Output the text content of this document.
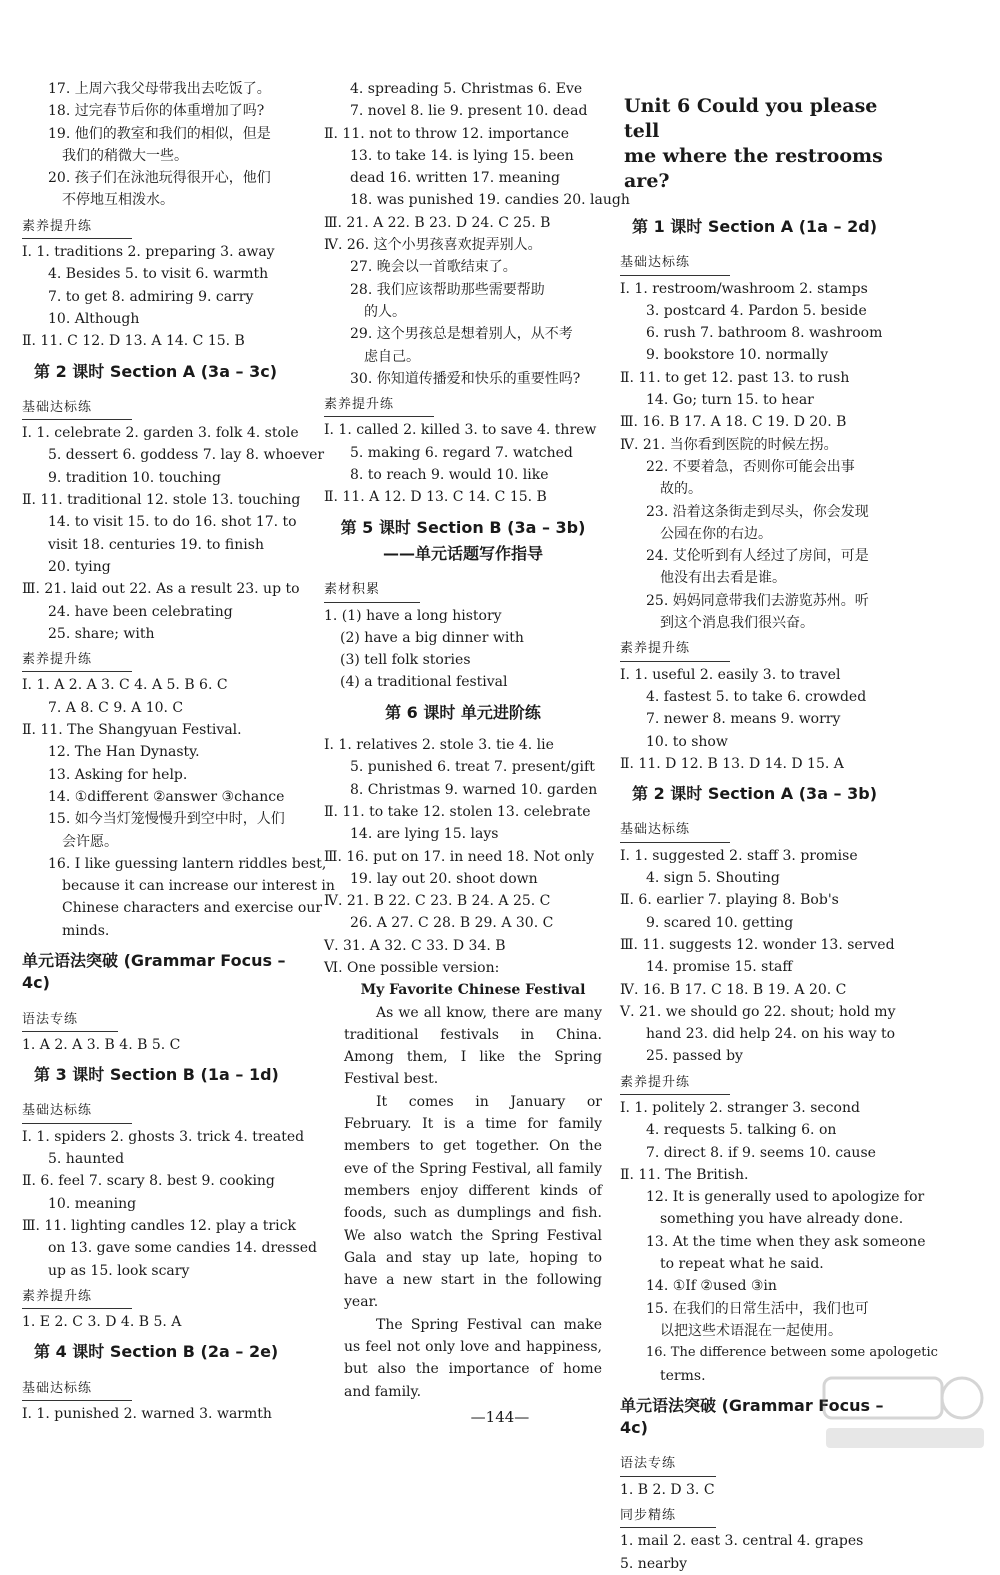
17. 上周六我父母带我出去吃饭了。
18. 过完春节后你的体重增加了吗?
19. 他们的教室和我们的相似，但是
我们的稍微大一些。
20. 孩子们在泳池玩得很开心，他们
不停地互相泼水。
素养提升练
Ⅰ. 1. traditions 2. preparing 3. away
4. Besides 5. to visit 6. warmth
7. to get 8. admiring 9. carry
10. Although
Ⅱ. 11. C 12. D 13. A 14. C 15. B
第 2 课时 Section A (3a – 3c)
基础达标练
Ⅰ. 1. celebrate 2. garden 3. folk 4. stole
5. dessert 6. goddess 7. lay 8. whoever
9. tradition 10. touching
Ⅱ. 11. traditional 12. stole 13. touching
14. to visit 15. to do 16. shot 17. to
visit 18. centuries 19. to finish
20. tying
Ⅲ. 21. laid out 22. As a result 23. up to
24. have been celebrating
25. share; with
素养提升练
Ⅰ. 1. A 2. A 3. C 4. A 5. B 6. C
7. A 8. C 9. A 10. C
Ⅱ. 11. The Shangyuan Festival.
12. The Han Dynasty.
13. Asking for help.
14. ①different ②answer ③chance
15. 如今当灯笼慢慢升到空中时，人们
会许愿。
16. I like guessing lantern riddles best,
because it can increase our interest in
Chinese characters and exercise our
minds.
单元语法突破 (Grammar Focus – 4c)
语法专练
1. A 2. A 3. B 4. B 5. C
第 3 课时 Section B (1a – 1d)
基础达标练
Ⅰ. 1. spiders 2. ghosts 3. trick 4. treated
5. haunted
Ⅱ. 6. feel 7. scary 8. best 9. cooking
10. meaning
Ⅲ. 11. lighting candles 12. play a trick
on 13. gave some candies 14. dressed
up as 15. look scary
素养提升练
1. E 2. C 3. D 4. B 5. A
第 4 课时 Section B (2a – 2e)
基础达标练
Ⅰ. 1. punished 2. warned 3. warmth
4. spreading 5. Christmas 6. Eve
7. novel 8. lie 9. present 10. dead
Ⅱ. 11. not to throw 12. importance
13. to take 14. is lying 15. been
dead 16. written 17. meaning
18. was punished 19. candies 20. laugh
Ⅲ. 21. A 22. B 23. D 24. C 25. B
Ⅳ. 26. 这个小男孩喜欢捉弄别人。
27. 晚会以一首歌结束了。
28. 我们应该帮助那些需要帮助
的人。
29. 这个男孩总是想着别人，从不考
虑自己。
30. 你知道传播爱和快乐的重要性吗?
素养提升练
Ⅰ. 1. called 2. killed 3. to save 4. threw
5. making 6. regard 7. watched
8. to reach 9. would 10. like
Ⅱ. 11. A 12. D 13. C 14. C 15. B
第 5 课时 Section B (3a – 3b)
——单元话题写作指导
素材积累
1. (1) have a long history
(2) have a big dinner with
(3) tell folk stories
(4) a traditional festival
第 6 课时 单元进阶练
Ⅰ. 1. relatives 2. stole 3. tie 4. lie
5. punished 6. treat 7. present/gift
8. Christmas 9. warned 10. garden
Ⅱ. 11. to take 12. stolen 13. celebrate
14. are lying 15. lays
Ⅲ. 16. put on 17. in need 18. Not only
19. lay out 20. shoot down
Ⅳ. 21. B 22. C 23. B 24. A 25. C
26. A 27. C 28. B 29. A 30. C
Ⅴ. 31. A 32. C 33. D 34. B
Ⅵ. One possible version:
My Favorite Chinese Festival
As we all know, there are many traditional festivals in China. Among them, I like the Spring Festival best.
It comes in January or February. It is a time for family members to get together. On the eve of the Spring Festival, all family members enjoy different kinds of foods, such as dumplings and fish. We also watch the Spring Festival Gala and stay up late, hoping to have a new start in the following year.
The Spring Festival can make us feel not only love and happiness, but also the importance of home and family.
Unit 6 Could you please tell
me where the restrooms are?
第 1 课时 Section A (1a – 2d)
基础达标练
Ⅰ. 1. restroom/washroom 2. stamps
3. postcard 4. Pardon 5. beside
6. rush 7. bathroom 8. washroom
9. bookstore 10. normally
Ⅱ. 11. to get 12. past 13. to rush
14. Go; turn 15. to hear
Ⅲ. 16. B 17. A 18. C 19. D 20. B
Ⅳ. 21. 当你看到医院的时候左拐。
22. 不要着急，否则你可能会出事
故的。
23. 沿着这条街走到尽头，你会发现
公园在你的右边。
24. 艾伦听到有人经过了房间，可是
他没有出去看是谁。
25. 妈妈同意带我们去游览苏州。听
到这个消息我们很兴奋。
素养提升练
Ⅰ. 1. useful 2. easily 3. to travel
4. fastest 5. to take 6. crowded
7. newer 8. means 9. worry
10. to show
Ⅱ. 11. D 12. B 13. D 14. D 15. A
第 2 课时 Section A (3a – 3b)
基础达标练
Ⅰ. 1. suggested 2. staff 3. promise
4. sign 5. Shouting
Ⅱ. 6. earlier 7. playing 8. Bob's
9. scared 10. getting
Ⅲ. 11. suggests 12. wonder 13. served
14. promise 15. staff
Ⅳ. 16. B 17. C 18. B 19. A 20. C
Ⅴ. 21. we should go 22. shout; hold my
hand 23. did help 24. on his way to
25. passed by
素养提升练
Ⅰ. 1. politely 2. stranger 3. second
4. requests 5. talking 6. on
7. direct 8. if 9. seems 10. cause
Ⅱ. 11. The British.
12. It is generally used to apologize for
something you have already done.
13. At the time when they ask someone
to repeat what he said.
14. ①If ②used ③in
15. 在我们的日常生活中，我们也可
以把这些术语混在一起使用。
16. The difference between some apologetic
terms.
单元语法突破 (Grammar Focus – 4c)
语法专练
1. B 2. D 3. C
同步精练
1. mail 2. east 3. central 4. grapes
5. nearby
—144—
